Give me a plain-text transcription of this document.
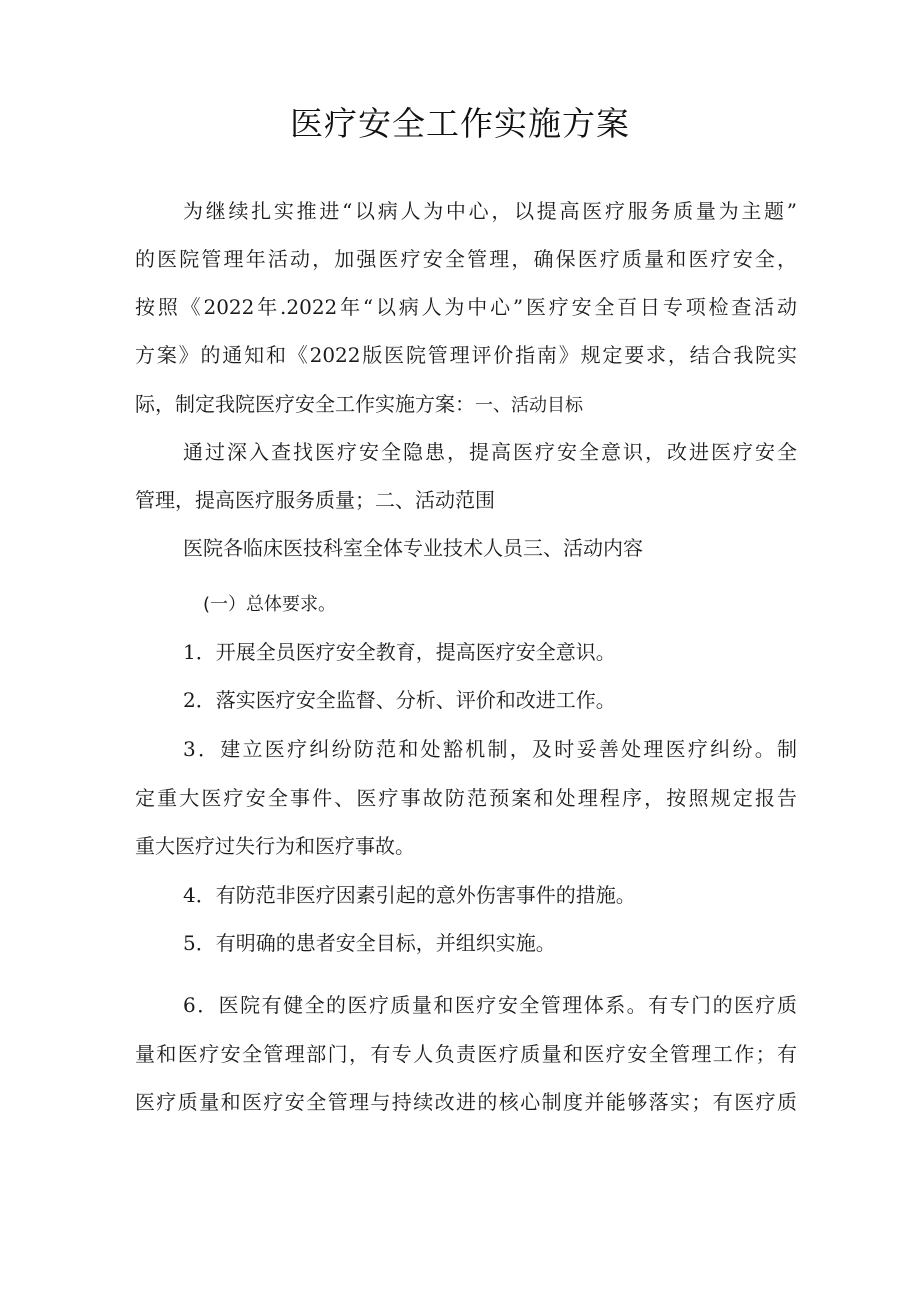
医疗安全工作实施方案
为继续扎实推进“以病人为中心，以提高医疗服务质量为主题”
的医院管理年活动，加强医疗安全管理，确保医疗质量和医疗安全，
按照《2022年.2022年“以病人为中心”医疗安全百日专项检查活动
方案》的通知和《2022版医院管理评价指南》规定要求，结合我院实
际，制定我院医疗安全工作实施方案：一、活动目标
通过深入查找医疗安全隐患，提高医疗安全意识，改进医疗安全
管理，提高医疗服务质量；二、活动范围
医院各临床医技科室全体专业技术人员三、活动内容
(一）总体要求。
1．开展全员医疗安全教育，提高医疗安全意识。
2．落实医疗安全监督、分析、评价和改进工作。
3．建立医疗纠纷防范和处豁机制，及时妥善处理医疗纠纷。制
定重大医疗安全事件、医疗事故防范预案和处理程序，按照规定报告
重大医疗过失行为和医疗事故。
4．有防范非医疗因素引起的意外伤害事件的措施。
5．有明确的患者安全目标，并组织实施。
6．医院有健全的医疗质量和医疗安全管理体系。有专门的医疗质
量和医疗安全管理部门，有专人负责医疗质量和医疗安全管理工作；有
医疗质量和医疗安全管理与持续改进的核心制度并能够落实；有医疗质
